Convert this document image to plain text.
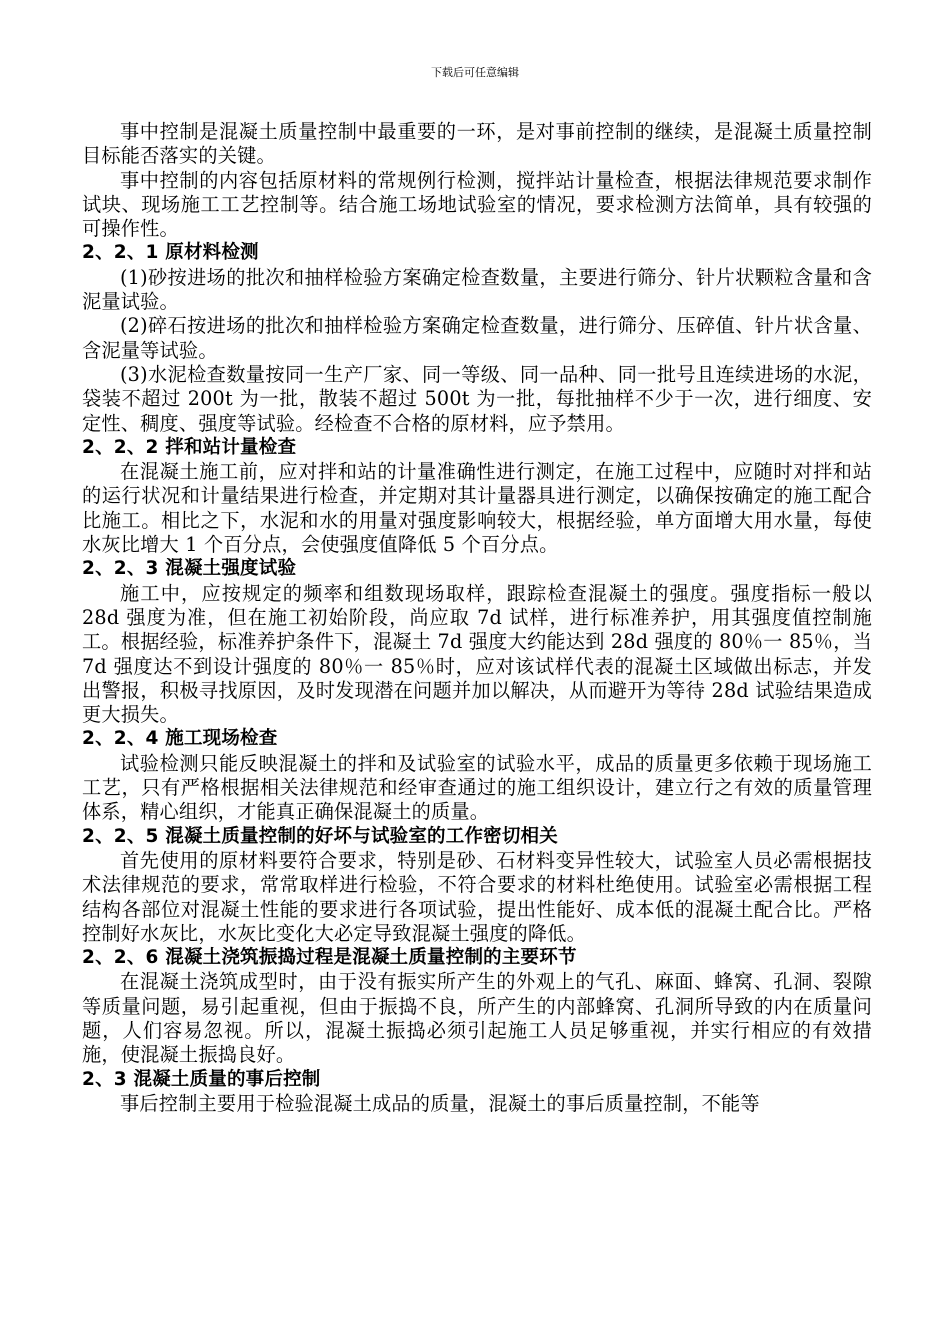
下载后可任意编辑

事中控制是混凝土质量控制中最重要的一环，是对事前控制的继续，是混凝土质量控制目标能否落实的关键。

事中控制的内容包括原材料的常规例行检测，搅拌站计量检查，根据法律规范要求制作试块、现场施工工艺控制等。结合施工场地试验室的情况，要求检测方法简单，具有较强的可操作性。

2、2、1 原材料检测

(1)砂按进场的批次和抽样检验方案确定检查数量，主要进行筛分、针片状颗粒含量和含泥量试验。

(2)碎石按进场的批次和抽样检验方案确定检查数量，进行筛分、压碎值、针片状含量、含泥量等试验。

(3)水泥检查数量按同一生产厂家、同一等级、同一品种、同一批号且连续进场的水泥，袋装不超过 200t 为一批，散装不超过 500t 为一批，每批抽样不少于一次，进行细度、安定性、稠度、强度等试验。经检查不合格的原材料，应予禁用。

2、2、2 拌和站计量检查

在混凝土施工前，应对拌和站的计量准确性进行测定，在施工过程中，应随时对拌和站的运行状况和计量结果进行检查，并定期对其计量器具进行测定，以确保按确定的施工配合比施工。相比之下，水泥和水的用量对强度影响较大，根据经验，单方面增大用水量，每使水灰比增大 1 个百分点，会使强度值降低 5 个百分点。

2、2、3 混凝土强度试验

施工中，应按规定的频率和组数现场取样，跟踪检查混凝土的强度。强度指标一般以 28d 强度为准，但在施工初始阶段，尚应取 7d 试样，进行标准养护，用其强度值控制施工。根据经验，标准养护条件下，混凝土 7d 强度大约能达到 28d 强度的 80％一 85％，当 7d 强度达不到设计强度的 80％一 85％时，应对该试样代表的混凝土区域做出标志，并发出警报，积极寻找原因，及时发现潜在问题并加以解决，从而避开为等待 28d 试验结果造成更大损失。

2、2、4 施工现场检查

试验检测只能反映混凝土的拌和及试验室的试验水平，成品的质量更多依赖于现场施工工艺，只有严格根据相关法律规范和经审查通过的施工组织设计，建立行之有效的质量管理体系，精心组织，才能真正确保混凝土的质量。

2、2、5 混凝土质量控制的好坏与试验室的工作密切相关

首先使用的原材料要符合要求，特别是砂、石材料变异性较大，试验室人员必需根据技术法律规范的要求，常常取样进行检验，不符合要求的材料杜绝使用。试验室必需根据工程结构各部位对混凝土性能的要求进行各项试验，提出性能好、成本低的混凝土配合比。严格控制好水灰比，水灰比变化大必定导致混凝土强度的降低。

2、2、6 混凝土浇筑振捣过程是混凝土质量控制的主要环节

在混凝土浇筑成型时，由于没有振实所产生的外观上的气孔、麻面、蜂窝、孔洞、裂隙等质量问题，易引起重视，但由于振捣不良，所产生的内部蜂窝、孔洞所导致的内在质量问题，人们容易忽视。所以，混凝土振捣必须引起施工人员足够重视，并实行相应的有效措施，使混凝土振捣良好。

2、3 混凝土质量的事后控制

事后控制主要用于检验混凝土成品的质量，混凝土的事后质量控制，不能等
